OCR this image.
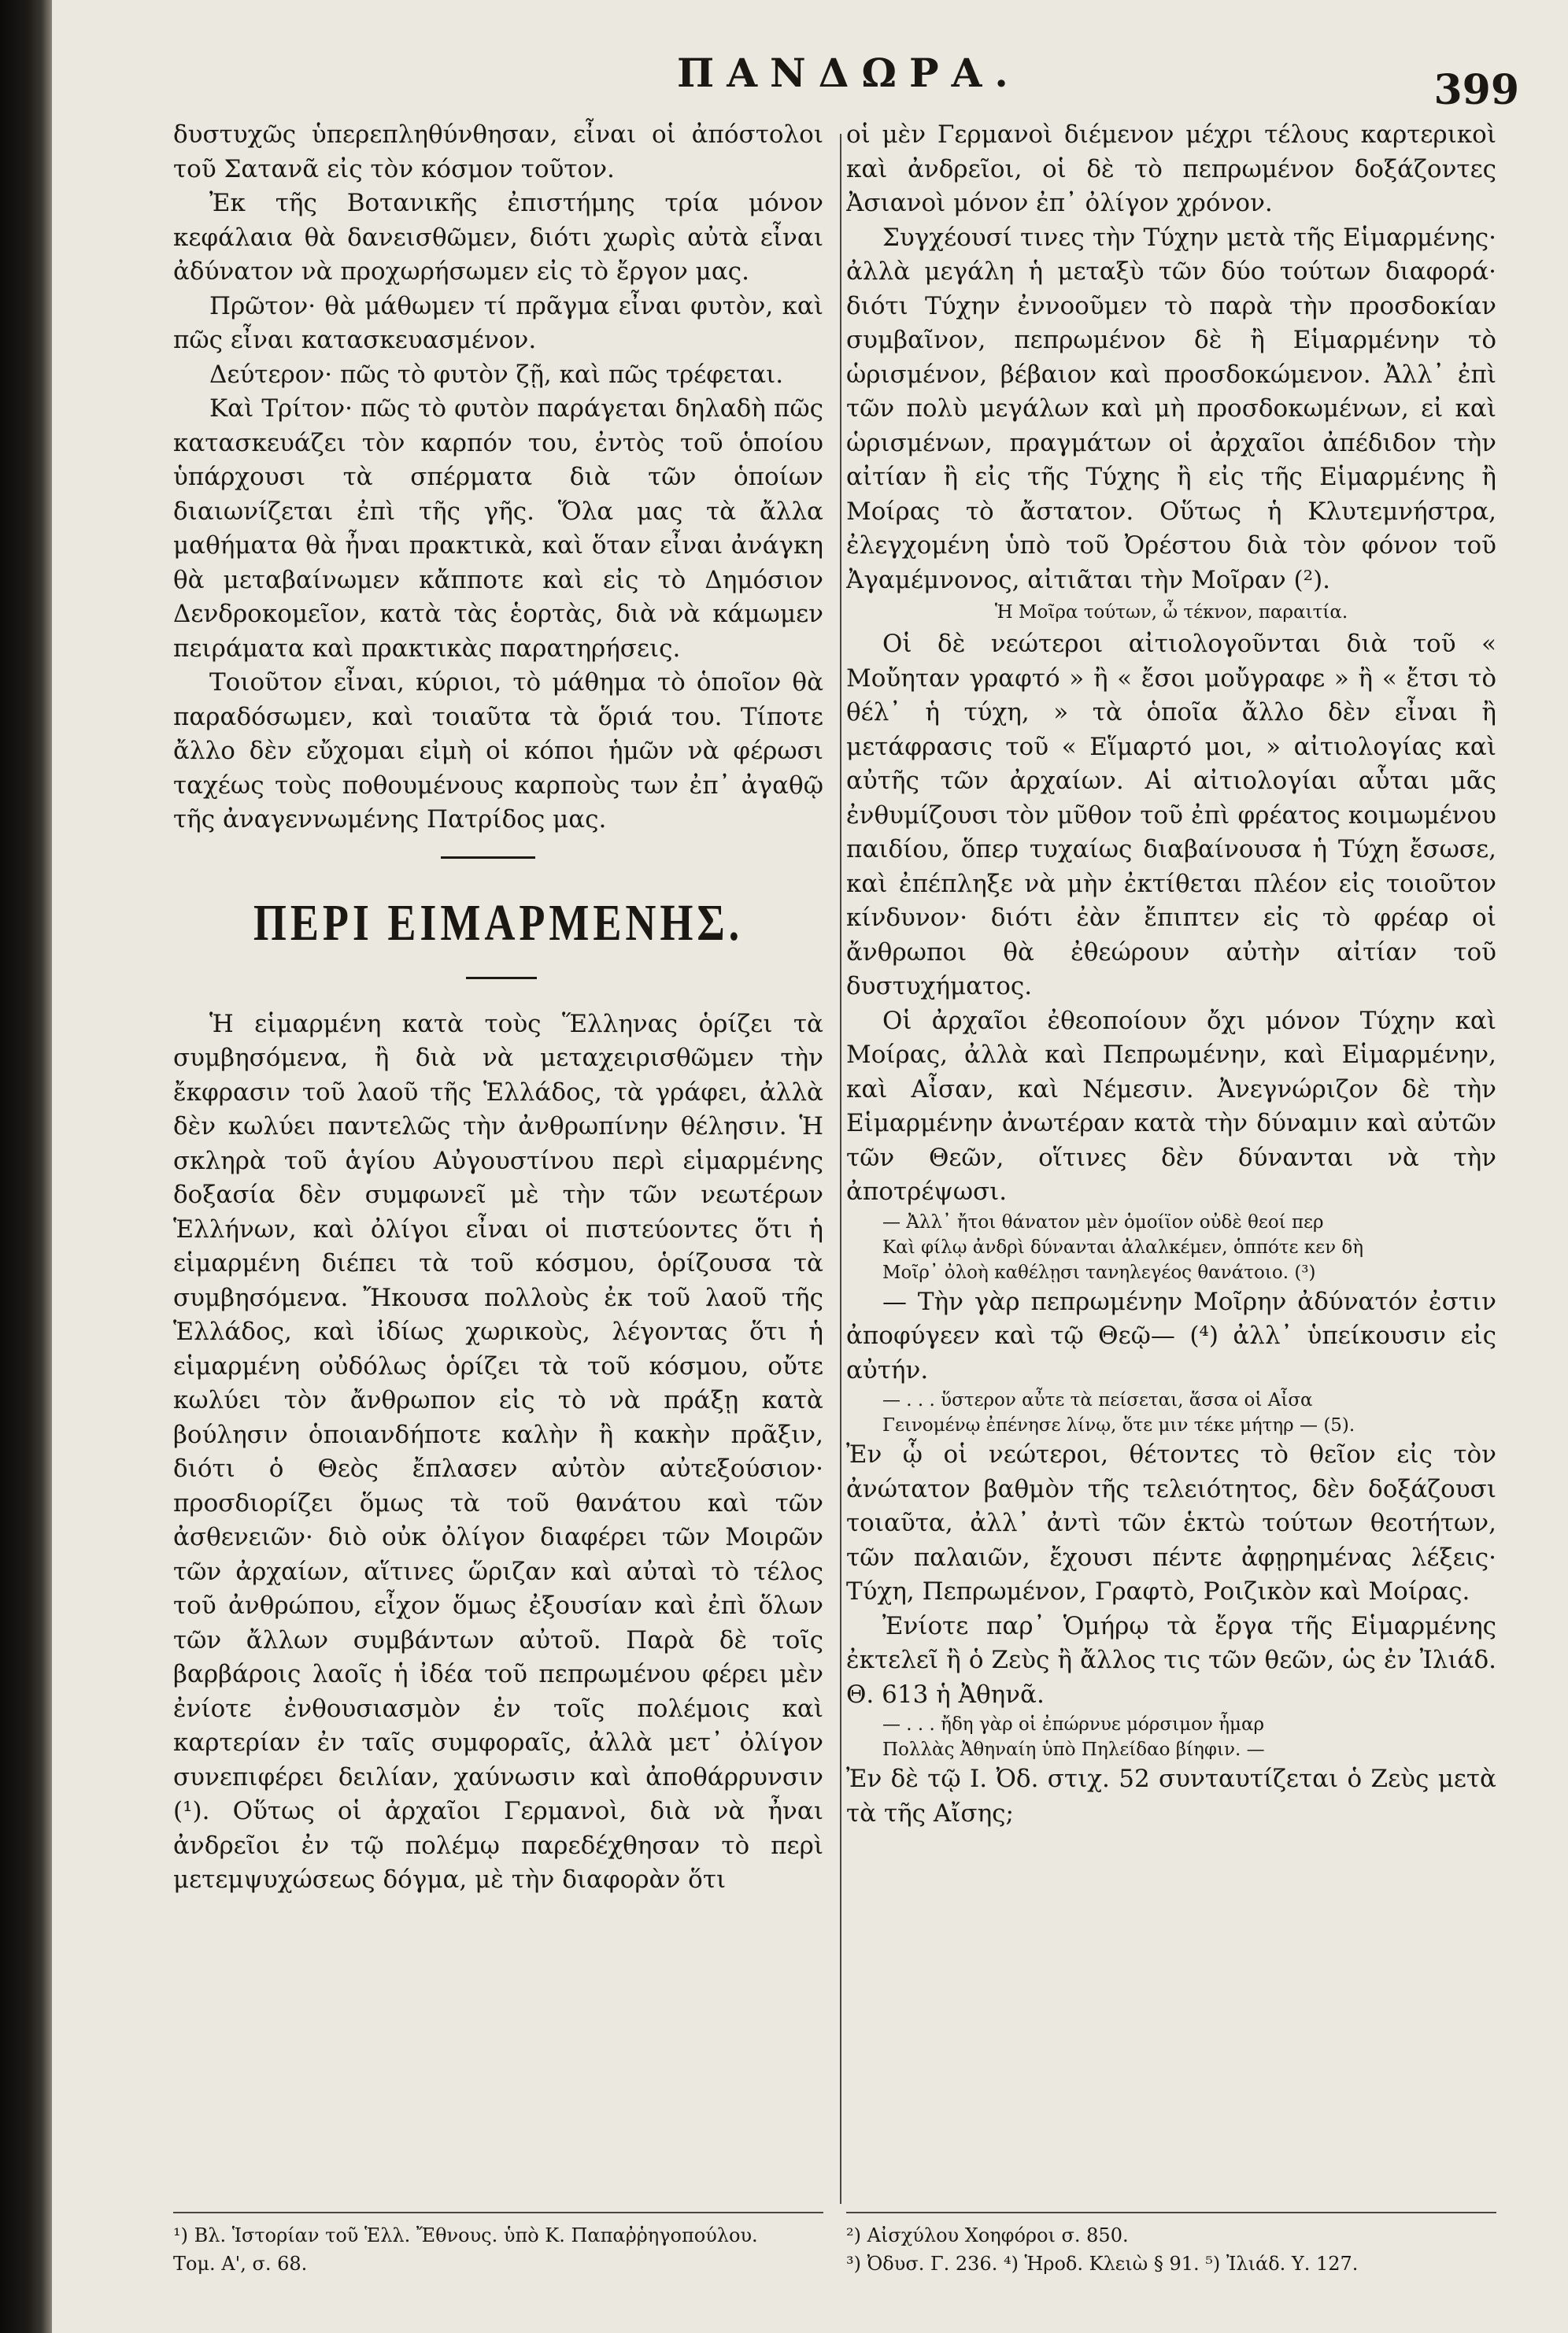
ΠΑΝΔΩΡΑ.	399

δυστυχῶς ὑπερεπληθύνθησαν, εἶναι οἱ ἀπόστολοι τοῦ Σατανᾶ εἰς τὸν κόσμον τοῦτον.

Ἐκ τῆς Βοτανικῆς ἐπιστήμης τρία μόνον κεφάλαια θὰ δανεισθῶμεν, διότι χωρὶς αὐτὰ εἶναι ἀδύνατον νὰ προχωρήσωμεν εἰς τὸ ἔργον μας.

Πρῶτον· θὰ μάθωμεν τί πρᾶγμα εἶναι φυτὸν, καὶ πῶς εἶναι κατασκευασμένον.

Δεύτερον· πῶς τὸ φυτὸν ζῇ, καὶ πῶς τρέφεται.

Καὶ Τρίτον· πῶς τὸ φυτὸν παράγεται δηλαδὴ πῶς κατασκευάζει τὸν καρπόν του, ἐντὸς τοῦ ὁποίου ὑπάρχουσι τὰ σπέρματα διὰ τῶν ὁποίων διαιωνίζεται ἐπὶ τῆς γῆς. Ὅλα μας τὰ ἄλλα μαθήματα θὰ ἦναι πρακτικὰ, καὶ ὅταν εἶναι ἀνάγκη θὰ μεταβαίνωμεν κἄπποτε καὶ εἰς τὸ Δημόσιον Δενδροκομεῖον, κατὰ τὰς ἑορτὰς, διὰ νὰ κάμωμεν πειράματα καὶ πρακτικὰς παρατηρήσεις.

Τοιοῦτον εἶναι, κύριοι, τὸ μάθημα τὸ ὁποῖον θὰ παραδόσωμεν, καὶ τοιαῦτα τὰ ὅριά του. Τίποτε ἄλλο δὲν εὔχομαι εἰμὴ οἱ κόποι ἡμῶν νὰ φέρωσι ταχέως τοὺς ποθουμένους καρποὺς των ἐπ᾽ ἀγαθῷ τῆς ἀναγεννωμένης Πατρίδος μας.

ΠΕΡΙ ΕΙΜΑΡΜΕΝΗΣ.

Ἡ εἱμαρμένη κατὰ τοὺς Ἕλληνας ὁρίζει τὰ συμβησόμενα, ἢ διὰ νὰ μεταχειρισθῶμεν τὴν ἔκφρασιν τοῦ λαοῦ τῆς Ἑλλάδος, τὰ γράφει, ἀλλὰ δὲν κωλύει παντελῶς τὴν ἀνθρωπίνην θέλησιν. Ἡ σκληρὰ τοῦ ἁγίου Αὐγουστίνου περὶ εἱμαρμένης δοξασία δὲν συμφωνεῖ μὲ τὴν τῶν νεωτέρων Ἑλλήνων, καὶ ὀλίγοι εἶναι οἱ πιστεύοντες ὅτι ἡ εἱμαρμένη διέπει τὰ τοῦ κόσμου, ὁρίζουσα τὰ συμβησόμενα. Ἤκουσα πολλοὺς ἐκ τοῦ λαοῦ τῆς Ἑλλάδος, καὶ ἰδίως χωρικοὺς, λέγοντας ὅτι ἡ εἱμαρμένη οὐδόλως ὁρίζει τὰ τοῦ κόσμου, οὔτε κωλύει τὸν ἄνθρωπον εἰς τὸ νὰ πράξῃ κατὰ βούλησιν ὁποιανδήποτε καλὴν ἢ κακὴν πρᾶξιν, διότι ὁ Θεὸς ἔπλασεν αὐτὸν αὐτεξούσιον· προσδιορίζει ὅμως τὰ τοῦ θανάτου καὶ τῶν ἀσθενειῶν· διὸ οὐκ ὀλίγον διαφέρει τῶν Μοιρῶν τῶν ἀρχαίων, αἵτινες ὥριζαν καὶ αὐταὶ τὸ τέλος τοῦ ἀνθρώπου, εἶχον ὅμως ἐξουσίαν καὶ ἐπὶ ὅλων τῶν ἄλλων συμβάντων αὐτοῦ. Παρὰ δὲ τοῖς βαρβάροις λαοῖς ἡ ἰδέα τοῦ πεπρωμένου φέρει μὲν ἐνίοτε ἐνθουσιασμὸν ἐν τοῖς πολέμοις καὶ καρτερίαν ἐν ταῖς συμφοραῖς, ἀλλὰ μετ᾽ ὀλίγον συνεπιφέρει δειλίαν, χαύνωσιν καὶ ἀποθάρρυνσιν (¹). Οὕτως οἱ ἀρχαῖοι Γερμανοὶ, διὰ νὰ ἦναι ἀνδρεῖοι ἐν τῷ πολέμῳ παρεδέχθησαν τὸ περὶ μετεμψυχώσεως δόγμα, μὲ τὴν διαφορὰν ὅτι

οἱ μὲν Γερμανοὶ διέμενον μέχρι τέλους καρτερικοὶ καὶ ἀνδρεῖοι, οἱ δὲ τὸ πεπρωμένον δοξάζοντες Ἀσιανοὶ μόνον ἐπ᾽ ὀλίγον χρόνον.

Συγχέουσί τινες τὴν Τύχην μετὰ τῆς Εἱμαρμένης· ἀλλὰ μεγάλη ἡ μεταξὺ τῶν δύο τούτων διαφορά· διότι Τύχην ἐννοοῦμεν τὸ παρὰ τὴν προσδοκίαν συμβαῖνον, πεπρωμένον δὲ ἢ Εἱμαρμένην τὸ ὡρισμένον, βέβαιον καὶ προσδοκώμενον. Ἀλλ᾽ ἐπὶ τῶν πολὺ μεγάλων καὶ μὴ προσδοκωμένων, εἰ καὶ ὡρισμένων, πραγμάτων οἱ ἀρχαῖοι ἀπέδιδον τὴν αἰτίαν ἢ εἰς τῆς Τύχης ἢ εἰς τῆς Εἱμαρμένης ἢ Μοίρας τὸ ἄστατον. Οὕτως ἡ Κλυτεμνήστρα, ἐλεγχομένη ὑπὸ τοῦ Ὀρέστου διὰ τὸν φόνον τοῦ Ἀγαμέμνονος, αἰτιᾶται τὴν Μοῖραν (²).

Ἡ Μοῖρα τούτων, ὦ τέκνον, παραιτία.

Οἱ δὲ νεώτεροι αἰτιολογοῦνται διὰ τοῦ « Μοὔηταν γραφτό » ἢ « ἔσοι μοὔγραφε » ἢ « ἔτσι τὸ θέλ᾽ ἡ τύχη, » τὰ ὁποῖα ἄλλο δὲν εἶναι ἢ μετάφρασις τοῦ « Εἵμαρτό μοι, » αἰτιολογίας καὶ αὐτῆς τῶν ἀρχαίων. Αἱ αἰτιολογίαι αὗται μᾶς ἐνθυμίζουσι τὸν μῦθον τοῦ ἐπὶ φρέατος κοιμωμένου παιδίου, ὅπερ τυχαίως διαβαίνουσα ἡ Τύχη ἔσωσε, καὶ ἐπέπληξε νὰ μὴν ἐκτίθεται πλέον εἰς τοιοῦτον κίνδυνον· διότι ἐὰν ἔπιπτεν εἰς τὸ φρέαρ οἱ ἄνθρωποι θὰ ἐθεώρουν αὐτὴν αἰτίαν τοῦ δυστυχήματος.

Οἱ ἀρχαῖοι ἐθεοποίουν ὄχι μόνον Τύχην καὶ Μοίρας, ἀλλὰ καὶ Πεπρωμένην, καὶ Εἱμαρμένην, καὶ Αἶσαν, καὶ Νέμεσιν. Ἀνεγνώριζον δὲ τὴν Εἱμαρμένην ἀνωτέραν κατὰ τὴν δύναμιν καὶ αὐτῶν τῶν Θεῶν, οἵτινες δὲν δύνανται νὰ τὴν ἀποτρέψωσι.

— Ἀλλ᾽ ἤτοι θάνατον μὲν ὁμοίϊον οὐδὲ θεοί περ

Καὶ φίλῳ ἀνδρὶ δύνανται ἀλαλκέμεν, ὁππότε κεν δὴ

Μοῖρ᾽ ὀλοὴ καθέλῃσι τανηλεγέος θανάτοιο. (³)

— Τὴν γὰρ πεπρωμένην Μοῖρην ἀδύνατόν ἐστιν ἀποφύγεεν καὶ τῷ Θεῷ— (⁴) ἀλλ᾽ ὑπείκουσιν εἰς αὐτήν.

— . . . ὕστερον αὖτε τὰ πείσεται, ἅσσα οἱ Αἶσα

Γεινομένῳ ἐπένησε λίνῳ, ὅτε μιν τέκε μήτηρ — (5).

Ἐν ᾧ οἱ νεώτεροι, θέτοντες τὸ θεῖον εἰς τὸν ἀνώτατον βαθμὸν τῆς τελειότητος, δὲν δοξάζουσι τοιαῦτα, ἀλλ᾽ ἀντὶ τῶν ἑκτὼ τούτων θεοτήτων, τῶν παλαιῶν, ἔχουσι πέντε ἀφῃρημένας λέξεις· Τύχη, Πεπρωμένον, Γραφτὸ, Ροιζικὸν καὶ Μοίρας.

Ἐνίοτε παρ᾽ Ὁμήρῳ τὰ ἔργα τῆς Εἱμαρμένης ἐκτελεῖ ἢ ὁ Ζεὺς ἢ ἄλλος τις τῶν θεῶν, ὡς ἐν Ἰλιάδ. Θ. 613 ἡ Ἀθηνᾶ.

— . . . ἤδη γὰρ οἱ ἐπώρνυε μόρσιμον ἦμαρ

Πολλὰς Ἀθηναίη ὑπὸ Πηλείδαο βίηφιν. —

Ἐν δὲ τῷ Ι. Ὀδ. στιχ. 52 συνταυτίζεται ὁ Ζεὺς μετὰ τὰ τῆς Αἴσης;

¹) Βλ. Ἱστορίαν τοῦ Ἑλλ. Ἔθνους. ὑπὸ Κ. Παπαῤῥηγοπούλου.
Τομ. Α', σ. 68.
²) Αἰσχύλου Χοηφόροι σ. 850.
³) Ὀδυσ. Γ. 236. ⁴) Ἡροδ. Κλειὼ § 91. ⁵) Ἰλιάδ. Υ. 127.
